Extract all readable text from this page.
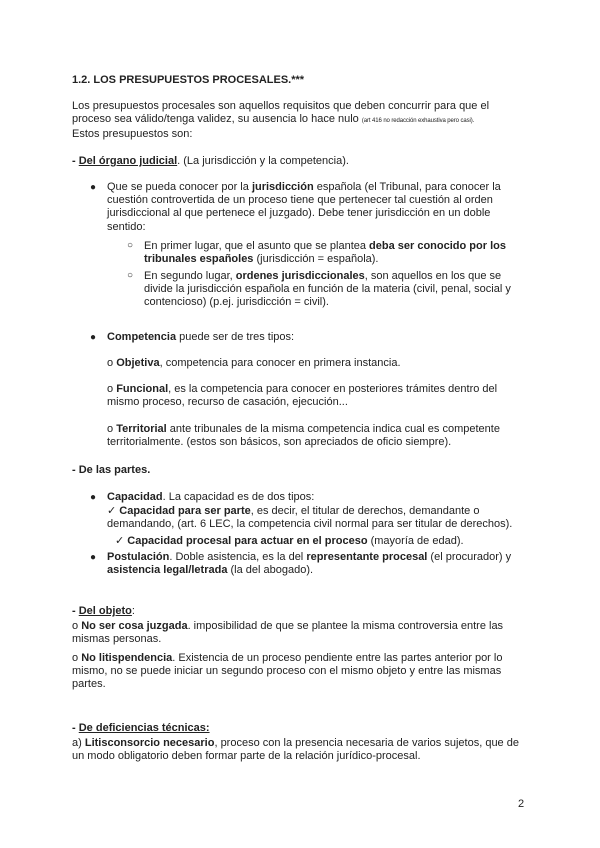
1.2. LOS PRESUPUESTOS PROCESALES.***
Los presupuestos procesales son aquellos requisitos que deben concurrir para que el proceso sea válido/tenga validez, su ausencia lo hace nulo (art 416 no redacción exhaustiva pero casi).
Estos presupuestos son:
- Del órgano judicial. (La jurisdicción y la competencia).
● Que se pueda conocer por la jurisdicción española (el Tribunal, para conocer la cuestión controvertida de un proceso tiene que pertenecer tal cuestión al orden jurisdiccional al que pertenece el juzgado). Debe tener jurisdicción en un doble sentido:
○ En primer lugar, que el asunto que se plantea deba ser conocido por los tribunales españoles (jurisdicción = española).
○ En segundo lugar, ordenes jurisdiccionales, son aquellos en los que se divide la jurisdicción española en función de la materia (civil, penal, social y contencioso) (p.ej. jurisdicción = civil).
● Competencia puede ser de tres tipos:
o Objetiva, competencia para conocer en primera instancia.
o Funcional, es la competencia para conocer en posteriores trámites dentro del mismo proceso, recurso de casación, ejecución...
o Territorial ante tribunales de la misma competencia indica cual es competente territorialmente. (estos son básicos, son apreciados de oficio siempre).
- De las partes.
● Capacidad. La capacidad es de dos tipos:
✓ Capacidad para ser parte, es decir, el titular de derechos, demandante o demandando, (art. 6 LEC, la competencia civil normal para ser titular de derechos).
✓ Capacidad procesal para actuar en el proceso (mayoría de edad).
● Postulación. Doble asistencia, es la del representante procesal (el procurador) y asistencia legal/letrada (la del abogado).
- Del objeto:
o No ser cosa juzgada. imposibilidad de que se plantee la misma controversia entre las mismas personas.
o No litispendencia. Existencia de un proceso pendiente entre las partes anterior por lo mismo, no se puede iniciar un segundo proceso con el mismo objeto y entre las mismas partes.
- De deficiencias técnicas:
a) Litisconsorcio necesario, proceso con la presencia necesaria de varios sujetos, que de un modo obligatorio deben formar parte de la relación jurídico-procesal.
2
